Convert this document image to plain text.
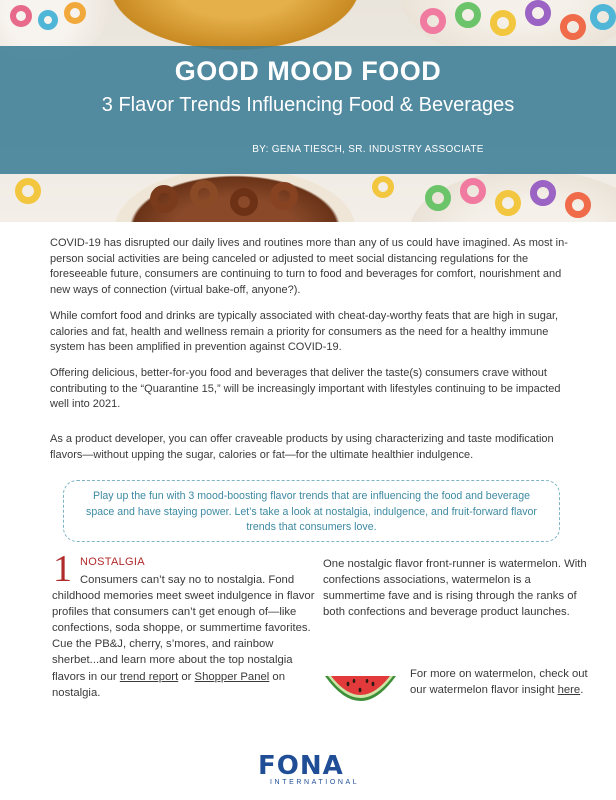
GOOD MOOD FOOD
3 Flavor Trends Influencing Food & Beverages
BY: GENA TIESCH, SR. INDUSTRY ASSOCIATE

COVID-19 has disrupted our daily lives and routines more than any of us could have imagined. As most in-person social activities are being canceled or adjusted to meet social distancing regulations for the foreseeable future, consumers are continuing to turn to food and beverages for comfort, nourishment and new ways of connection (virtual bake-off, anyone?).

While comfort food and drinks are typically associated with cheat-day-worthy feats that are high in sugar, calories and fat, health and wellness remain a priority for consumers as the need for a healthy immune system has been amplified in prevention against COVID-19.

Offering delicious, better-for-you food and beverages that deliver the taste(s) consumers crave without contributing to the “Quarantine 15,” will be increasingly important with lifestyles continuing to be impacted well into 2021.

As a product developer, you can offer craveable products by using characterizing and taste modification flavors—without upping the sugar, calories or fat—for the ultimate healthier indulgence.

Play up the fun with 3 mood-boosting flavor trends that are influencing the food and beverage space and have staying power. Let’s take a look at nostalgia, indulgence, and fruit-forward flavor trends that consumers love.
1 NOSTALGIA

Consumers can’t say no to nostalgia. Fond childhood memories meet sweet indulgence in flavor profiles that consumers can’t get enough of—like confections, soda shoppe, or summertime favorites. Cue the PB&J, cherry, s’mores, and rainbow sherbet...and learn more about the top nostalgia flavors in our trend report or Shopper Panel on nostalgia.

One nostalgic flavor front-runner is watermelon. With confections associations, watermelon is a summertime fave and is rising through the ranks of both confections and beverage product launches.

For more on watermelon, check out our watermelon flavor insight here.

FONA
INTERNATIONAL
